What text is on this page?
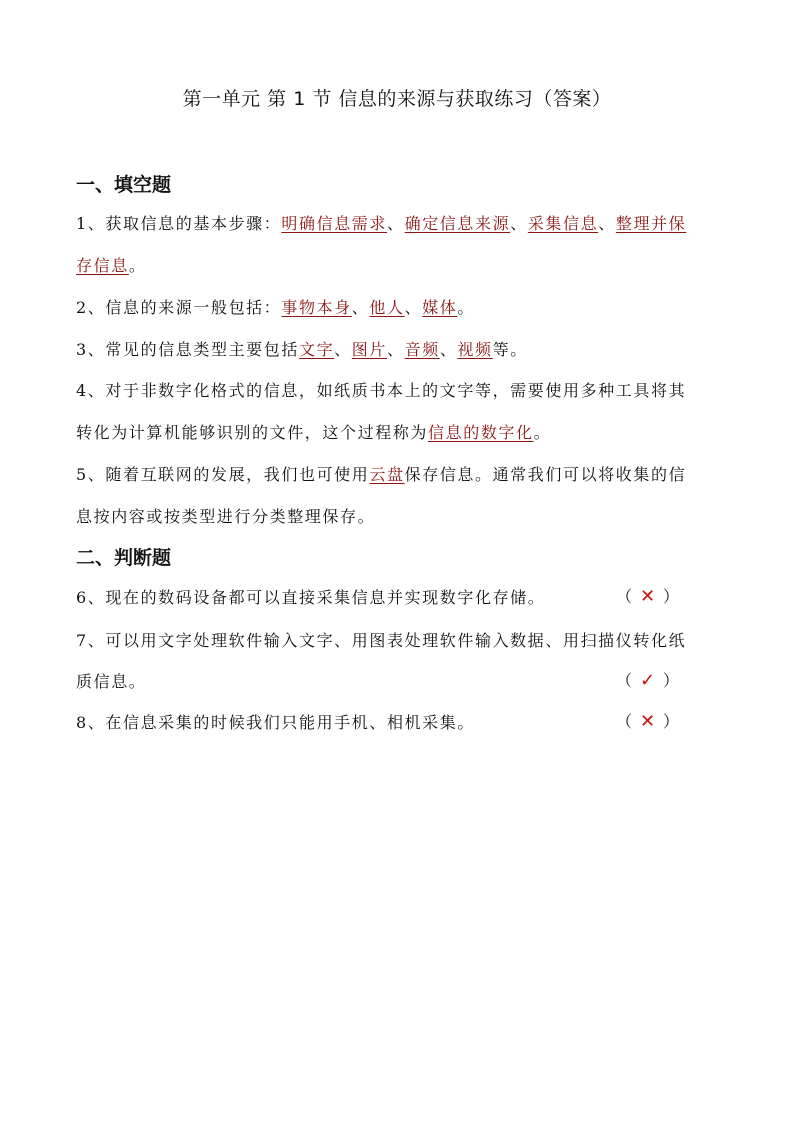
第一单元 第 1 节 信息的来源与获取练习（答案）
一、填空题
1、获取信息的基本步骤：明确信息需求、确定信息来源、采集信息、整理并保
存信息。
2、信息的来源一般包括：事物本身、他人、媒体。
3、常见的信息类型主要包括文字、图片、音频、视频等。
4、对于非数字化格式的信息，如纸质书本上的文字等，需要使用多种工具将其
转化为计算机能够识别的文件，这个过程称为信息的数字化。
5、随着互联网的发展，我们也可使用云盘保存信息。通常我们可以将收集的信
息按内容或按类型进行分类整理保存。
二、判断题
6、现在的数码设备都可以直接采集信息并实现数字化存储。	（ ✕ ）
7、可以用文字处理软件输入文字、用图表处理软件输入数据、用扫描仪转化纸
质信息。	（ ✓ ）
8、在信息采集的时候我们只能用手机、相机采集。	（ ✕ ）
